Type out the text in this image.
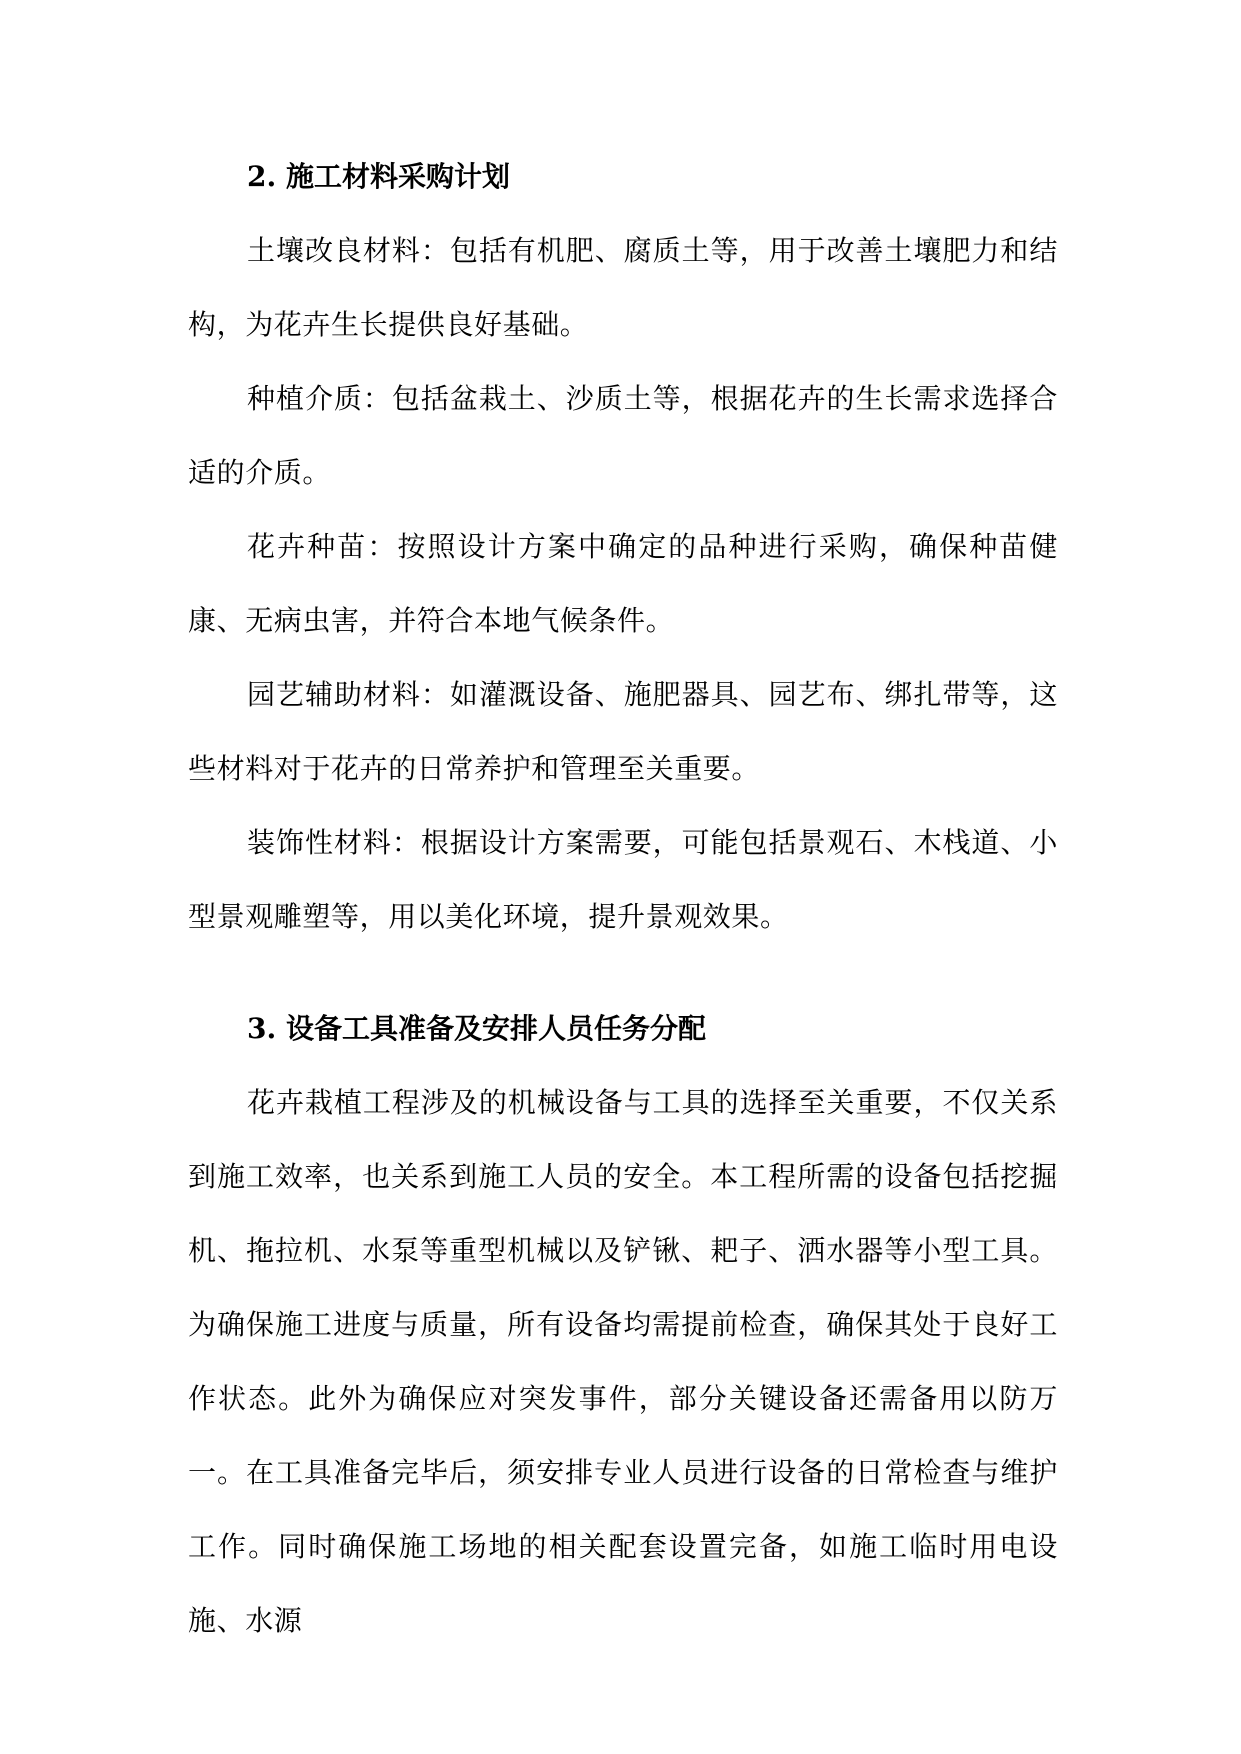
2. 施工材料采购计划

土壤改良材料：包括有机肥、腐质土等，用于改善土壤肥力和结构，为花卉生长提供良好基础。

种植介质：包括盆栽土、沙质土等，根据花卉的生长需求选择合适的介质。

花卉种苗：按照设计方案中确定的品种进行采购，确保种苗健康、无病虫害，并符合本地气候条件。

园艺辅助材料：如灌溉设备、施肥器具、园艺布、绑扎带等，这些材料对于花卉的日常养护和管理至关重要。

装饰性材料：根据设计方案需要，可能包括景观石、木栈道、小型景观雕塑等，用以美化环境，提升景观效果。

3. 设备工具准备及安排人员任务分配

花卉栽植工程涉及的机械设备与工具的选择至关重要，不仅关系到施工效率，也关系到施工人员的安全。本工程所需的设备包括挖掘机、拖拉机、水泵等重型机械以及铲锹、耙子、洒水器等小型工具。为确保施工进度与质量，所有设备均需提前检查，确保其处于良好工作状态。此外为确保应对突发事件，部分关键设备还需备用以防万一。在工具准备完毕后，须安排专业人员进行设备的日常检查与维护工作。同时确保施工场地的相关配套设置完备，如施工临时用电设施、水源
